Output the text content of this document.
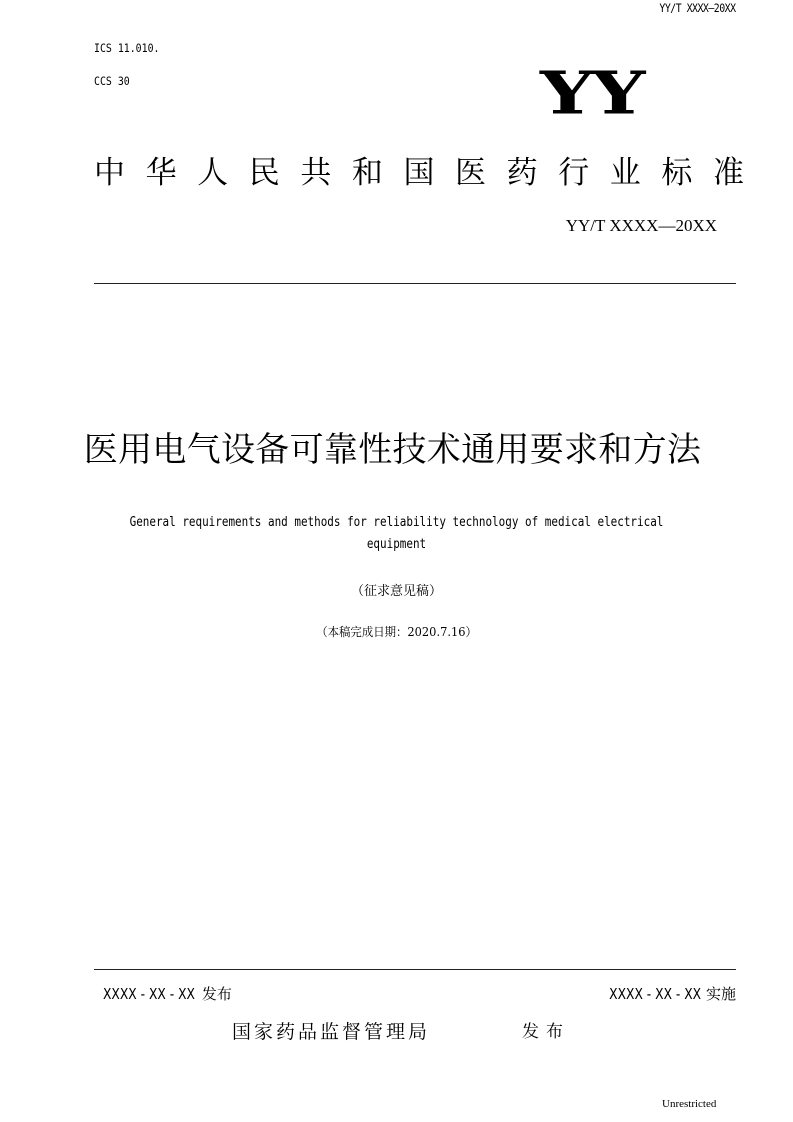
YY/T XXXX—20XX
ICS 11.010.
CCS 30	YY
中 华 人 民 共 和 国 医 药 行 业 标 准
YY/T XXXX—20XX
医用电气设备可靠性技术通用要求和方法
General requirements and methods for reliability technology of medical electrical
equipment
（征求意见稿）
（本稿完成日期：2020.7.16）
XXXX - XX - XX 发布	XXXX - XX - XX 实施
国家药品监督管理局	发布
Unrestricted
